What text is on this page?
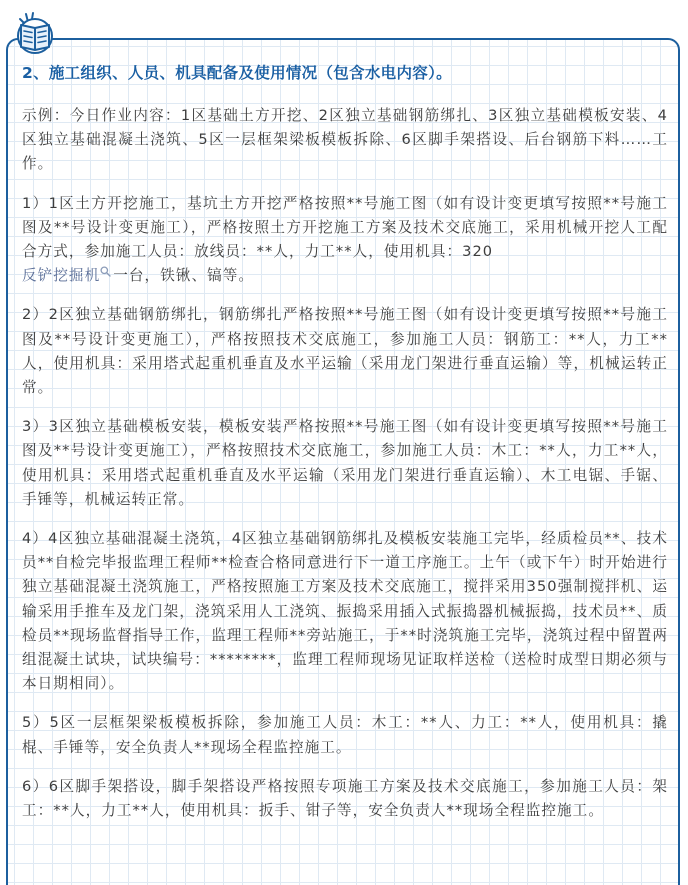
2、施工组织、人员、机具配备及使用情况（包含水电内容）。

示例：今日作业内容：1区基础土方开挖、2区独立基础钢筋绑扎、3区独立基础模板安装、4区独立基础混凝土浇筑、5区一层框架梁板模板拆除、6区脚手架搭设、后台钢筋下料……工作。

1）1区土方开挖施工，基坑土方开挖严格按照**号施工图（如有设计变更填写按照**号施工图及**号设计变更施工），严格按照土方开挖施工方案及技术交底施工，采用机械开挖人工配合方式，参加施工人员：放线员：**人，力工**人，使用机具：320
反铲挖掘机 一台，铁锹、镐等。

2）2区独立基础钢筋绑扎，钢筋绑扎严格按照**号施工图（如有设计变更填写按照**号施工图及**号设计变更施工），严格按照技术交底施工，参加施工人员：钢筋工：**人，力工**人，使用机具：采用塔式起重机垂直及水平运输（采用龙门架进行垂直运输）等，机械运转正常。

3）3区独立基础模板安装，模板安装严格按照**号施工图（如有设计变更填写按照**号施工图及**号设计变更施工），严格按照技术交底施工，参加施工人员：木工：**人，力工**人，使用机具：采用塔式起重机垂直及水平运输（采用龙门架进行垂直运输）、木工电锯、手锯、手锤等，机械运转正常。

4）4区独立基础混凝土浇筑，4区独立基础钢筋绑扎及模板安装施工完毕，经质检员**、技术员**自检完毕报监理工程师**检查合格同意进行下一道工序施工。上午（或下午）时开始进行独立基础混凝土浇筑施工，严格按照施工方案及技术交底施工，搅拌采用350强制搅拌机、运输采用手推车及龙门架，浇筑采用人工浇筑、振捣采用插入式振捣器机械振捣，技术员**、质检员**现场监督指导工作，监理工程师**旁站施工，于**时浇筑施工完毕，浇筑过程中留置两组混凝土试块，试块编号：********，监理工程师现场见证取样送检（送检时成型日期必须与本日期相同）。

5）5区一层框架梁板模板拆除，参加施工人员：木工：**人、力工：**人，使用机具：撬棍、手锤等，安全负责人**现场全程监控施工。

6）6区脚手架搭设，脚手架搭设严格按照专项施工方案及技术交底施工，参加施工人员：架工：**人，力工**人，使用机具：扳手、钳子等，安全负责人**现场全程监控施工。
